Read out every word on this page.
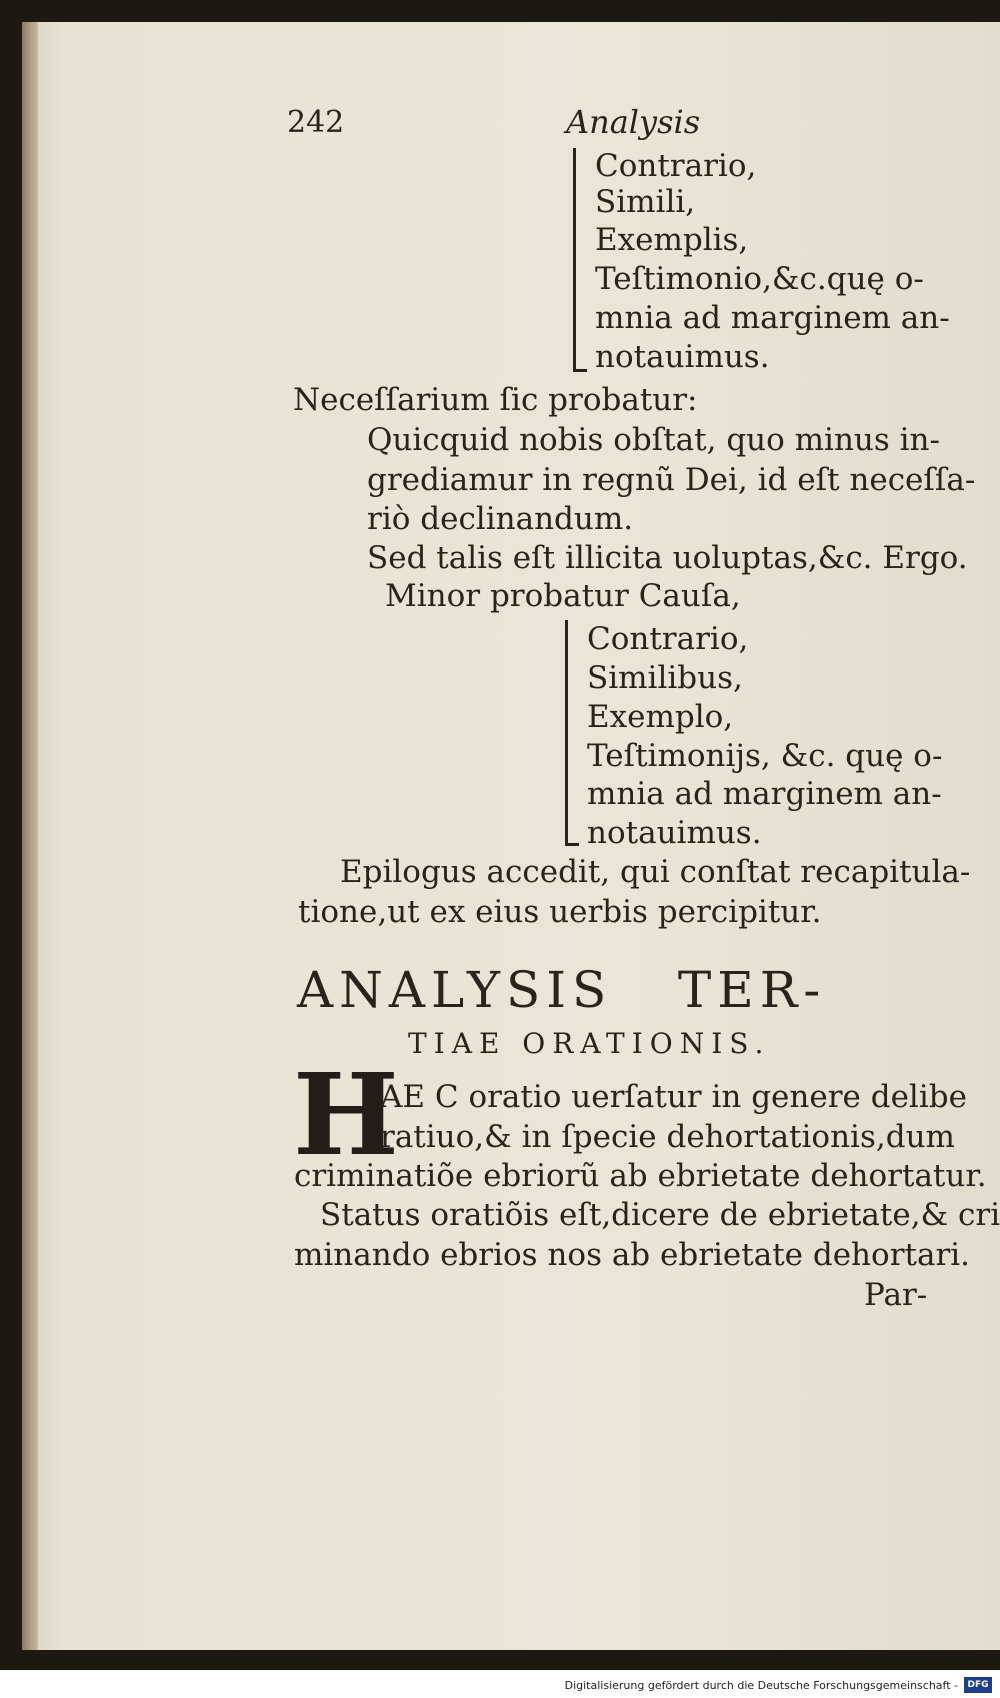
242	Analysis
Contrario,
Simili,
Exemplis,
Teſtimonio,&c.quę o-
mnia ad marginem an-
notauimus.
Neceſſarium ſic probatur:
Quicquid nobis obſtat, quo minus in-
grediamur in regnũ Dei, id eſt neceſſa-
riò declinandum.
Sed talis eſt illicita uoluptas,&c. Ergo.
Minor probatur Cauſa,
Contrario,
Similibus,
Exemplo,
Teſtimonijs, &c. quę o-
mnia ad marginem an-
notauimus.
Epilogus accedit, qui conſtat recapitula-
tione,ut ex eius uerbis percipitur.
ANALYSIS   TER-
TIAE ORATIONIS.
H
AE C oratio uerſatur in genere delibe
ratiuo,& in ſpecie dehortationis,dum
criminatiõe ebriorũ ab ebrietate dehortatur.
Status oratiõis eſt,dicere de ebrietate,& cri
minando ebrios nos ab ebrietate dehortari.
Par-
Digitalisierung gefördert durch die Deutsche Forschungsgemeinschaft -	DFG
